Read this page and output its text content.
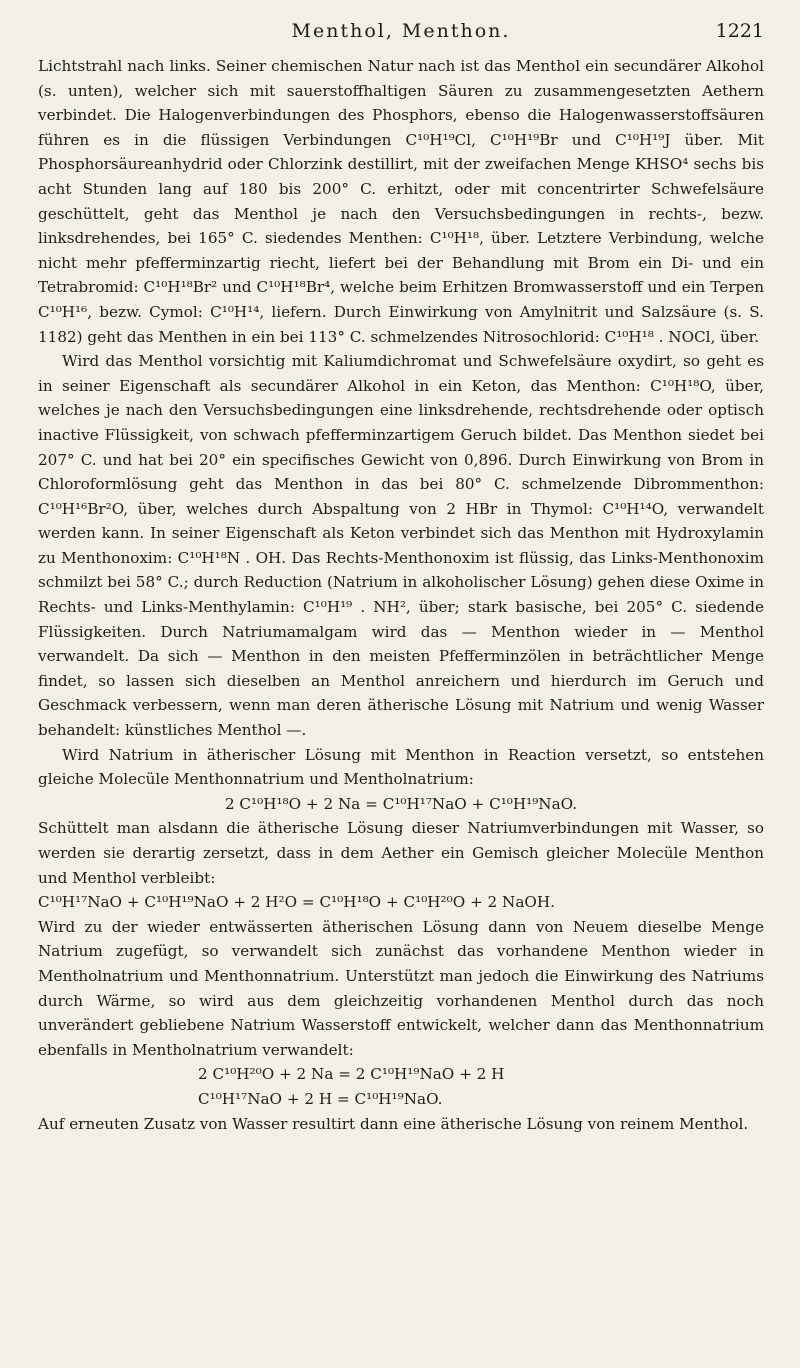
Menthol, Menthon.	1221

Lichtstrahl nach links. Seiner chemischen Natur nach ist das Menthol ein secundärer Alkohol (s. unten), welcher sich mit sauerstoffhaltigen Säuren zu zusammengesetzten Aethern verbindet. Die Halogenverbindungen des Phosphors, ebenso die Halogenwasserstoffsäuren führen es in die flüssigen Verbindungen C¹⁰H¹⁹Cl, C¹⁰H¹⁹Br und C¹⁰H¹⁹J über. Mit Phosphorsäureanhydrid oder Chlorzink destillirt, mit der zweifachen Menge KHSO⁴ sechs bis acht Stunden lang auf 180 bis 200° C. erhitzt, oder mit concentrirter Schwefelsäure geschüttelt, geht das Menthol je nach den Versuchsbedingungen in rechts-, bezw. linksdrehendes, bei 165° C. siedendes Menthen: C¹⁰H¹⁸, über. Letztere Verbindung, welche nicht mehr pfefferminzartig riecht, liefert bei der Behandlung mit Brom ein Di- und ein Tetrabromid: C¹⁰H¹⁸Br² und C¹⁰H¹⁸Br⁴, welche beim Erhitzen Bromwasserstoff und ein Terpen C¹⁰H¹⁶, bezw. Cymol: C¹⁰H¹⁴, liefern. Durch Einwirkung von Amylnitrit und Salzsäure (s. S. 1182) geht das Menthen in ein bei 113° C. schmelzendes Nitrosochlorid: C¹⁰H¹⁸ . NOCl, über.

Wird das Menthol vorsichtig mit Kaliumdichromat und Schwefelsäure oxydirt, so geht es in seiner Eigenschaft als secundärer Alkohol in ein Keton, das Menthon: C¹⁰H¹⁸O, über, welches je nach den Versuchsbedingungen eine linksdrehende, rechtsdrehende oder optisch inactive Flüssigkeit, von schwach pfefferminzartigem Geruch bildet. Das Menthon siedet bei 207° C. und hat bei 20° ein specifisches Gewicht von 0,896. Durch Einwirkung von Brom in Chloroformlösung geht das Menthon in das bei 80° C. schmelzende Dibrommenthon: C¹⁰H¹⁶Br²O, über, welches durch Abspaltung von 2 HBr in Thymol: C¹⁰H¹⁴O, verwandelt werden kann. In seiner Eigenschaft als Keton verbindet sich das Menthon mit Hydroxylamin zu Menthonoxim: C¹⁰H¹⁸N . OH. Das Rechts-Menthonoxim ist flüssig, das Links-Menthonoxim schmilzt bei 58° C.; durch Reduction (Natrium in alkoholischer Lösung) gehen diese Oxime in Rechts- und Links-Menthylamin: C¹⁰H¹⁹ . NH², über; stark basische, bei 205° C. siedende Flüssigkeiten. Durch Natriumamalgam wird das — Menthon wieder in — Menthol verwandelt. Da sich — Menthon in den meisten Pfefferminzölen in beträchtlicher Menge findet, so lassen sich dieselben an Menthol anreichern und hierdurch im Geruch und Geschmack verbessern, wenn man deren ätherische Lösung mit Natrium und wenig Wasser behandelt: künstliches Menthol —.

Wird Natrium in ätherischer Lösung mit Menthon in Reaction versetzt, so entstehen gleiche Molecüle Menthonnatrium und Mentholnatrium:

2 C¹⁰H¹⁸O + 2 Na = C¹⁰H¹⁷NaO + C¹⁰H¹⁹NaO.

Schüttelt man alsdann die ätherische Lösung dieser Natriumverbindungen mit Wasser, so werden sie derartig zersetzt, dass in dem Aether ein Gemisch gleicher Molecüle Menthon und Menthol verbleibt:

C¹⁰H¹⁷NaO + C¹⁰H¹⁹NaO + 2 H²O = C¹⁰H¹⁸O + C¹⁰H²⁰O + 2 NaOH.

Wird zu der wieder entwässerten ätherischen Lösung dann von Neuem dieselbe Menge Natrium zugefügt, so verwandelt sich zunächst das vorhandene Menthon wieder in Mentholnatrium und Menthonnatrium. Unterstützt man jedoch die Einwirkung des Natriums durch Wärme, so wird aus dem gleichzeitig vorhandenen Menthol durch das noch unverändert gebliebene Natrium Wasserstoff entwickelt, welcher dann das Menthonnatrium ebenfalls in Mentholnatrium verwandelt:

2 C¹⁰H²⁰O + 2 Na = 2 C¹⁰H¹⁹NaO + 2 H

C¹⁰H¹⁷NaO + 2 H = C¹⁰H¹⁹NaO.

Auf erneuten Zusatz von Wasser resultirt dann eine ätherische Lösung von reinem Menthol.
